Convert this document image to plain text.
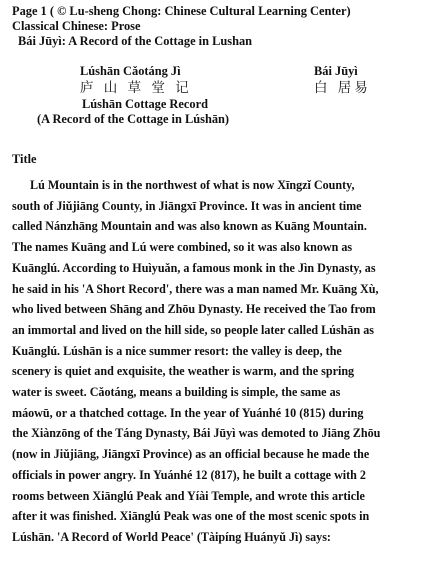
Page 1 ( © Lu-sheng Chong: Chinese Cultural Learning Center)
Classical Chinese: Prose
Bái Jūyì: A Record of the Cottage in Lushan
Lúshān Cǎotáng Jì
庐 山 草 堂 记
Lúshān Cottage Record
(A Record of the Cottage in Lúshān)
Bái Jūyì
白 居易
Title
Lú Mountain is in the northwest of what is now Xīngzǐ County,
south of Jiǔjiāng County, in Jiāngxī Province. It was in ancient time
called Nánzhāng Mountain and was also known as Kuāng Mountain.
The names Kuāng and Lú were combined, so it was also known as
Kuānglú. According to Huìyuǎn, a famous monk in the Jìn Dynasty, as
he said in his 'A Short Record', there was a man named Mr. Kuāng Xù,
who lived between Shāng and Zhōu Dynasty. He received the Tao from
an immortal and lived on the hill side, so people later called Lúshān as
Kuānglú. Lúshān is a nice summer resort: the valley is deep, the
scenery is quiet and exquisite, the weather is warm, and the spring
water is sweet. Cǎotáng, means a building is simple, the same as
máowū, or a thatched cottage. In the year of Yuánhé 10 (815) during
the Xiànzōng of the Táng Dynasty, Bái Jūyì was demoted to Jiāng Zhōu
(now in Jiǔjiāng, Jiāngxī Province) as an official because he made the
officials in power angry. In Yuánhé 12 (817), he built a cottage with 2
rooms between Xiānglú Peak and Yíài Temple, and wrote this article
after it was finished. Xiānglú Peak was one of the most scenic spots in
Lúshān. 'A Record of World Peace' (Tàipíng Huányǔ Jì) says:
